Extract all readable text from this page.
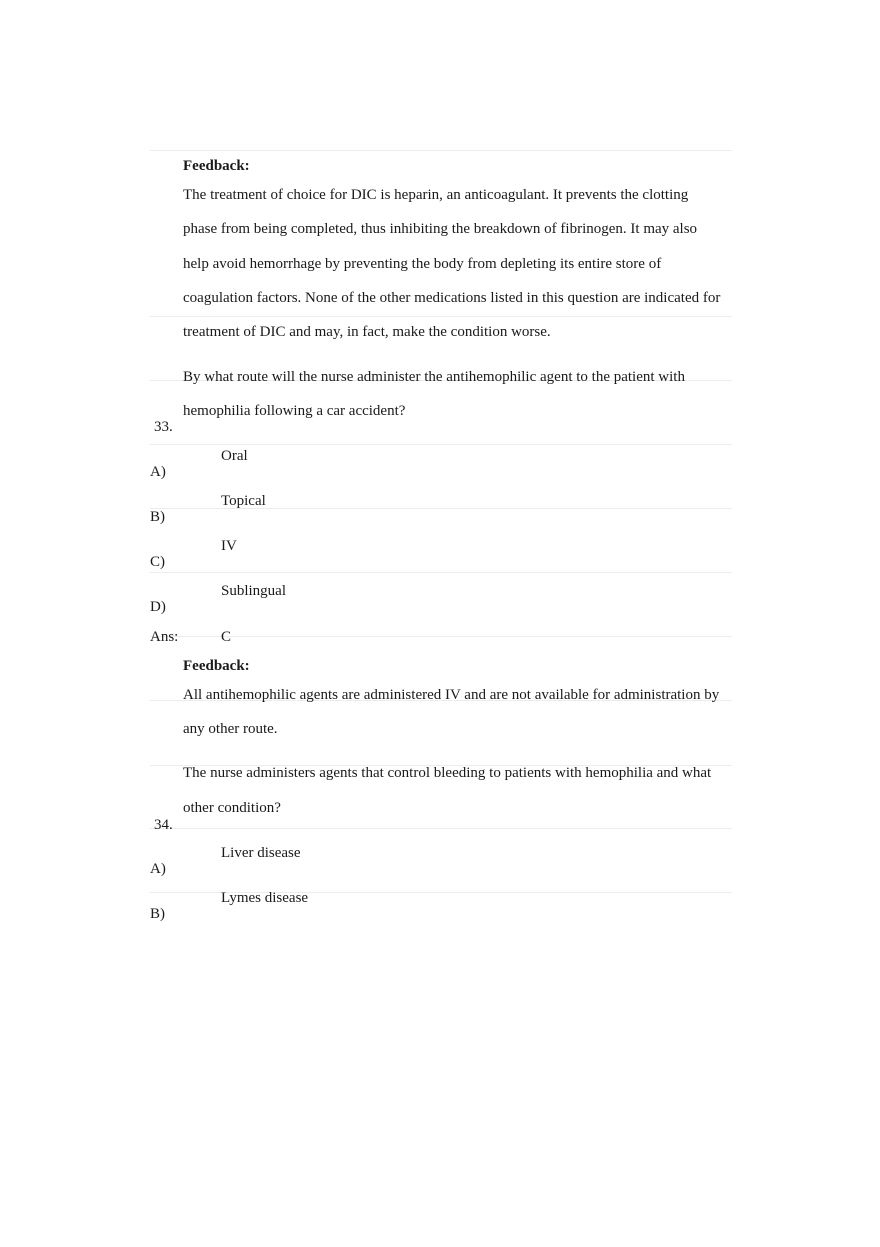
Feedback:
The treatment of choice for DIC is heparin, an anticoagulant. It prevents the clotting
phase from being completed, thus inhibiting the breakdown of fibrinogen. It may also
help avoid hemorrhage by preventing the body from depleting its entire store of
coagulation factors. None of the other medications listed in this question are indicated for
treatment of DIC and may, in fact, make the condition worse.
By what route will the nurse administer the antihemophilic agent to the patient with
hemophilia following a car accident?
33.
Oral
A)
Topical
B)
IV
C)
Sublingual
D)
Ans:	C
Feedback:
All antihemophilic agents are administered IV and are not available for administration by
any other route.
The nurse administers agents that control bleeding to patients with hemophilia and what
other condition?
34.
Liver disease
A)
Lymes disease
B)
